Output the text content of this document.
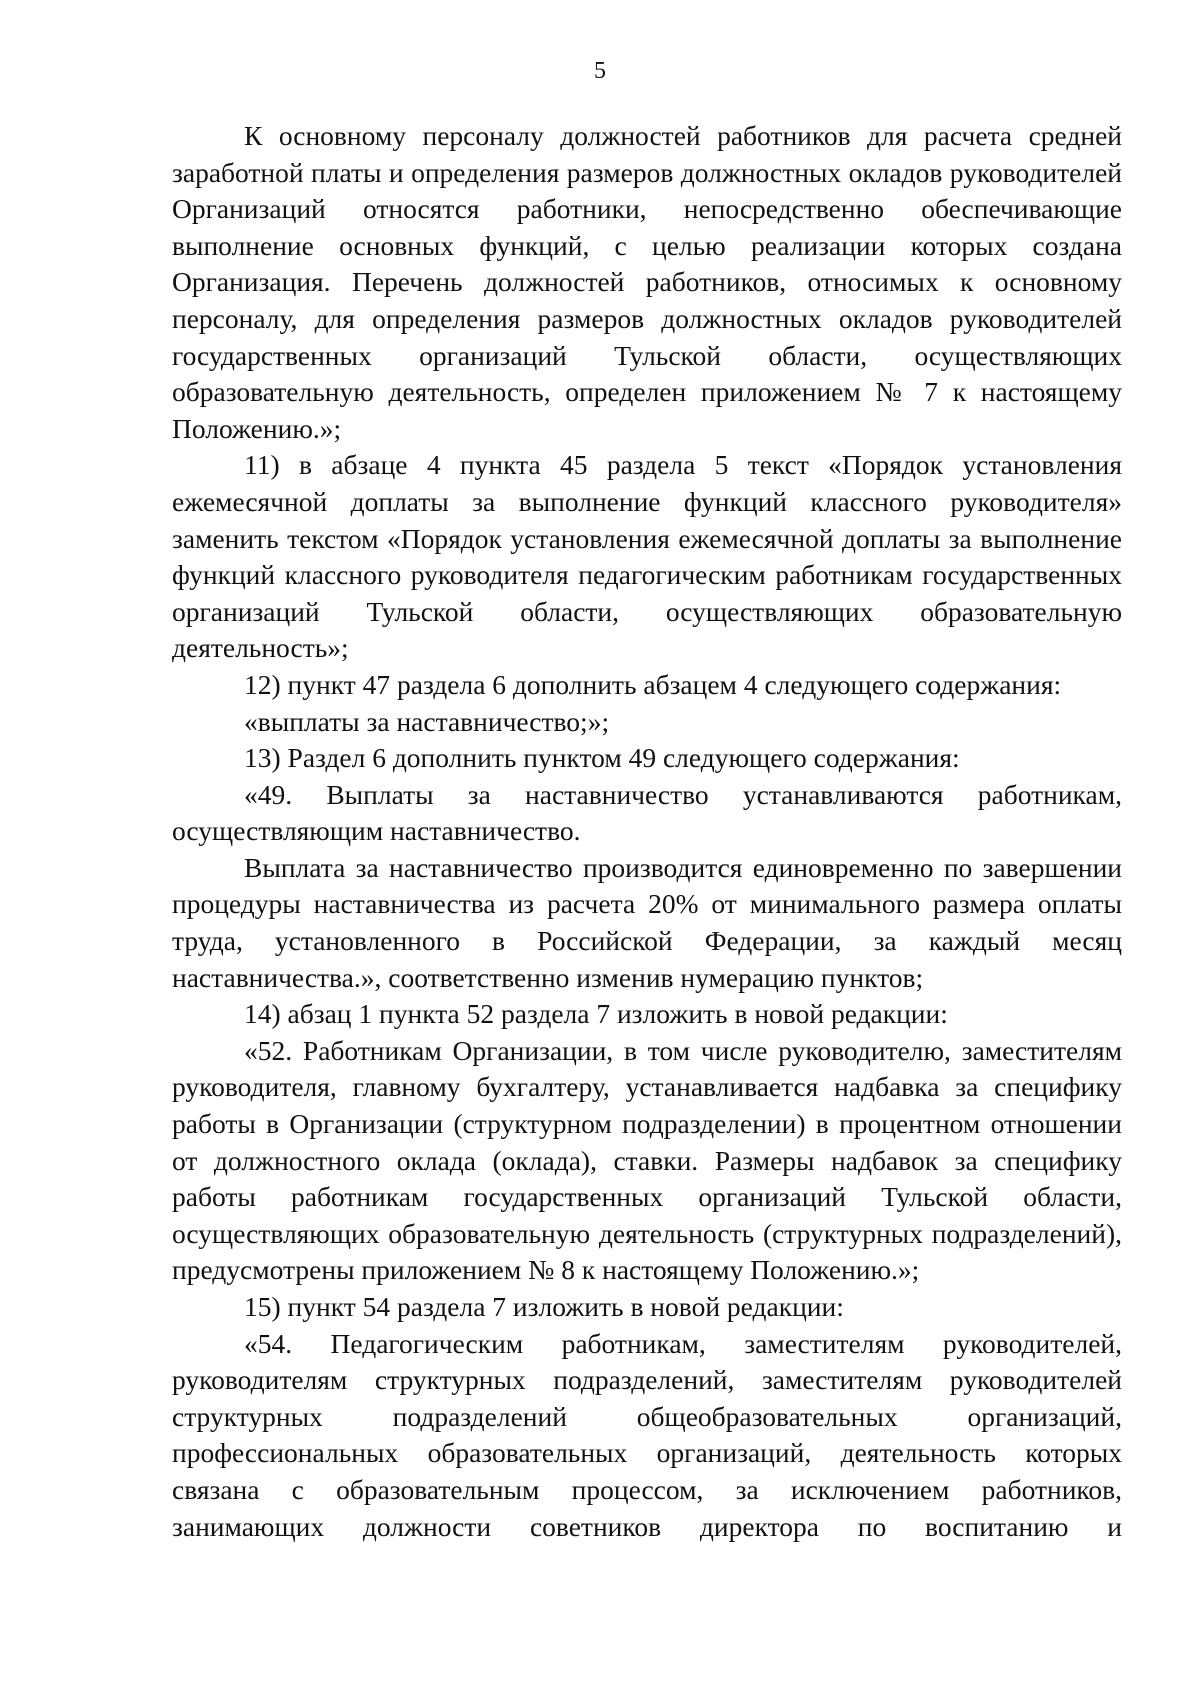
5

К основному персоналу должностей работников для расчета средней заработной платы и определения размеров должностных окладов руководителей Организаций относятся работники, непосредственно обеспечивающие выполнение основных функций, с целью реализации которых создана Организация. Перечень должностей работников, относимых к основному персоналу, для определения размеров должностных окладов руководителей государственных организаций Тульской области, осуществляющих образовательную деятельность, определен приложением № 7 к настоящему Положению.»;

11) в абзаце 4 пункта 45 раздела 5 текст «Порядок установления ежемесячной доплаты за выполнение функций классного руководителя» заменить текстом «Порядок установления ежемесячной доплаты за выполнение функций классного руководителя педагогическим работникам государственных организаций Тульской области, осуществляющих образовательную деятельность»;

12) пункт 47 раздела 6 дополнить абзацем 4 следующего содержания:

«выплаты за наставничество;»;

13) Раздел 6 дополнить пунктом 49 следующего содержания:

«49. Выплаты за наставничество устанавливаются работникам, осуществляющим наставничество.

Выплата за наставничество производится единовременно по завершении процедуры наставничества из расчета 20% от минимального размера оплаты труда, установленного в Российской Федерации, за каждый месяц наставничества.», соответственно изменив нумерацию пунктов;

14) абзац 1 пункта 52 раздела 7 изложить в новой редакции:

«52. Работникам Организации, в том числе руководителю, заместителям руководителя, главному бухгалтеру, устанавливается надбавка за специфику работы в Организации (структурном подразделении) в процентном отношении от должностного оклада (оклада), ставки. Размеры надбавок за специфику работы работникам государственных организаций Тульской области, осуществляющих образовательную деятельность (структурных подразделений), предусмотрены приложением № 8 к настоящему Положению.»;

15) пункт 54 раздела 7 изложить в новой редакции:

«54. Педагогическим работникам, заместителям руководителей, руководителям структурных подразделений, заместителям руководителей структурных подразделений общеобразовательных организаций, профессиональных образовательных организаций, деятельность которых связана с образовательным процессом, за исключением работников, занимающих должности советников директора по воспитанию и
